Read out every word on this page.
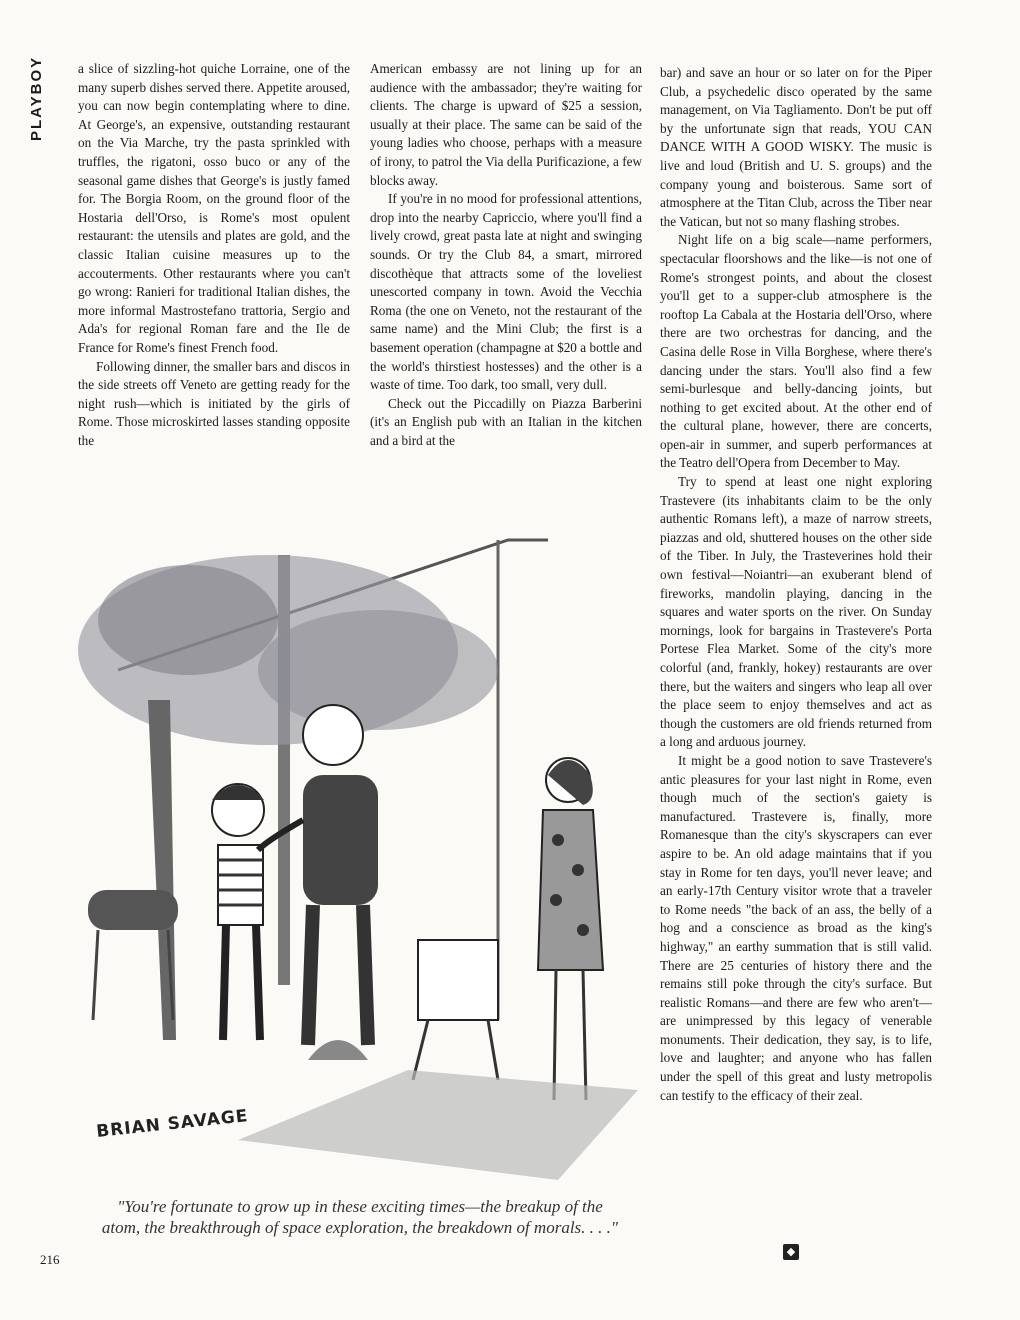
PLAYBOY	a slice of sizzling-hot quiche Lorraine, one of the many superb dishes served there. Appetite aroused, you can now begin contemplating where to dine. At George's, an expensive, outstanding restaurant on the Via Marche, try the pasta sprinkled with truffles, the rigatoni, osso buco or any of the seasonal game dishes that George's is justly famed for. The Borgia Room, on the ground floor of the Hostaria dell'Orso, is Rome's most opulent restaurant: the utensils and plates are gold, and the classic Italian cuisine measures up to the accouterments. Other restaurants where you can't go wrong: Ranieri for traditional Italian dishes, the more informal Mastrostefano trattoria, Sergio and Ada's for regional Roman fare and the Ile de France for Rome's finest French food.

Following dinner, the smaller bars and discos in the side streets off Veneto are getting ready for the night rush—which is initiated by the girls of Rome. Those microskirted lasses standing opposite the

American embassy are not lining up for an audience with the ambassador; they're waiting for clients. The charge is upward of $25 a session, usually at their place. The same can be said of the young ladies who choose, perhaps with a measure of irony, to patrol the Via della Purificazione, a few blocks away.

If you're in no mood for professional attentions, drop into the nearby Capriccio, where you'll find a lively crowd, great pasta late at night and swinging sounds. Or try the Club 84, a smart, mirrored discothèque that attracts some of the loveliest unescorted company in town. Avoid the Vecchia Roma (the one on Veneto, not the restaurant of the same name) and the Mini Club; the first is a basement operation (champagne at $20 a bottle and the world's thirstiest hostesses) and the other is a waste of time. Too dark, too small, very dull.

Check out the Piccadilly on Piazza Barberini (it's an English pub with an Italian in the kitchen and a bird at the

bar) and save an hour or so later on for the Piper Club, a psychedelic disco operated by the same management, on Via Tagliamento. Don't be put off by the unfortunate sign that reads, YOU CAN DANCE WITH A GOOD WISKY. The music is live and loud (British and U. S. groups) and the company young and boisterous. Same sort of atmosphere at the Titan Club, across the Tiber near the Vatican, but not so many flashing strobes.

Night life on a big scale—name performers, spectacular floorshows and the like—is not one of Rome's strongest points, and about the closest you'll get to a supper-club atmosphere is the rooftop La Cabala at the Hostaria dell'Orso, where there are two orchestras for dancing, and the Casina delle Rose in Villa Borghese, where there's dancing under the stars. You'll also find a few semi-burlesque and belly-dancing joints, but nothing to get excited about. At the other end of the cultural plane, however, there are concerts, open-air in summer, and superb performances at the Teatro dell'Opera from December to May.

Try to spend at least one night exploring Trastevere (its inhabitants claim to be the only authentic Romans left), a maze of narrow streets, piazzas and old, shuttered houses on the other side of the Tiber. In July, the Trasteverines hold their own festival—Noiantri—an exuberant blend of fireworks, mandolin playing, dancing in the squares and water sports on the river. On Sunday mornings, look for bargains in Trastevere's Porta Portese Flea Market. Some of the city's more colorful (and, frankly, hokey) restaurants are over there, but the waiters and singers who leap all over the place seem to enjoy themselves and act as though the customers are old friends returned from a long and arduous journey.

It might be a good notion to save Trastevere's antic pleasures for your last night in Rome, even though much of the section's gaiety is manufactured. Trastevere is, finally, more Romanesque than the city's skyscrapers can ever aspire to be. An old adage maintains that if you stay in Rome for ten days, you'll never leave; and an early-17th Century visitor wrote that a traveler to Rome needs "the back of an ass, the belly of a hog and a conscience as broad as the king's highway," an earthy summation that is still valid. There are 25 centuries of history there and the remains still poke through the city's surface. But realistic Romans—and there are few who aren't—are unimpressed by this legacy of venerable monuments. Their dedication, they say, is to life, love and laughter; and anyone who has fallen under the spell of this great and lusty metropolis can testify to the efficacy of their zeal.

BRIAN SAVAGE
"You're fortunate to grow up in these exciting times—the breakup of the atom, the breakthrough of space exploration, the breakdown of morals. . . ."
216	◆
